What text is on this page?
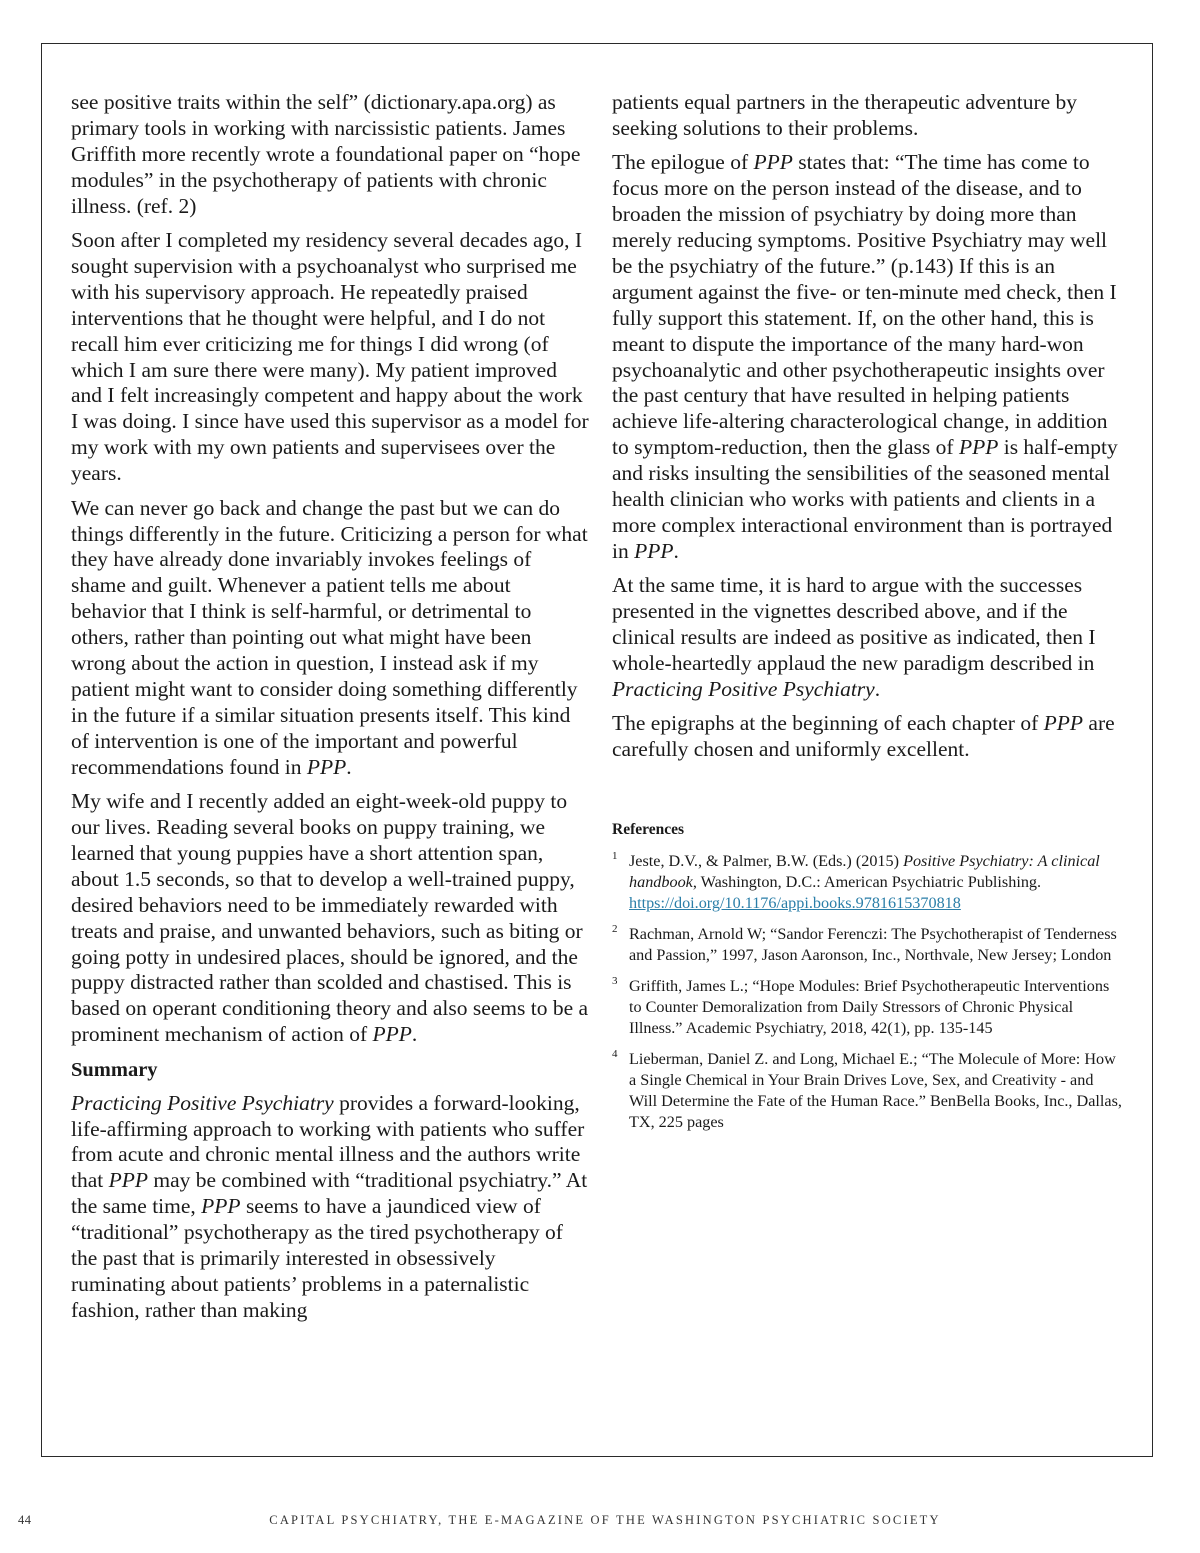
see positive traits within the self” (dictionary.apa.org) as primary tools in working with narcissistic patients. James Griffith more recently wrote a foundational paper on “hope modules” in the psychotherapy of patients with chronic illness. (ref. 2)

Soon after I completed my residency several decades ago, I sought supervision with a psychoanalyst who surprised me with his supervisory approach. He repeatedly praised interventions that he thought were helpful, and I do not recall him ever criticizing me for things I did wrong (of which I am sure there were many). My patient improved and I felt increasingly competent and happy about the work I was doing. I since have used this supervisor as a model for my work with my own patients and supervisees over the years.

We can never go back and change the past but we can do things differently in the future. Criticizing a person for what they have already done invariably invokes feelings of shame and guilt. Whenever a patient tells me about behavior that I think is self-harmful, or detrimental to others, rather than pointing out what might have been wrong about the action in question, I instead ask if my patient might want to consider doing something differently in the future if a similar situation presents itself. This kind of intervention is one of the important and powerful recommendations found in PPP.

My wife and I recently added an eight-week-old puppy to our lives. Reading several books on puppy training, we learned that young puppies have a short attention span, about 1.5 seconds, so that to develop a well-trained puppy, desired behaviors need to be immediately rewarded with treats and praise, and unwanted behaviors, such as biting or going potty in undesired places, should be ignored, and the puppy distracted rather than scolded and chastised. This is based on operant conditioning theory and also seems to be a prominent mechanism of action of PPP.

Summary

Practicing Positive Psychiatry provides a forward-looking, life-affirming approach to working with patients who suffer from acute and chronic mental illness and the authors write that PPP may be combined with “traditional psychiatry.” At the same time, PPP seems to have a jaundiced view of “traditional” psychotherapy as the tired psychotherapy of the past that is primarily interested in obsessively ruminating about patients’ problems in a paternalistic fashion, rather than making

patients equal partners in the therapeutic adventure by seeking solutions to their problems.

The epilogue of PPP states that: “The time has come to focus more on the person instead of the disease, and to broaden the mission of psychiatry by doing more than merely reducing symptoms. Positive Psychiatry may well be the psychiatry of the future.” (p.143) If this is an argument against the five- or ten-minute med check, then I fully support this statement. If, on the other hand, this is meant to dispute the importance of the many hard-won psychoanalytic and other psychotherapeutic insights over the past century that have resulted in helping patients achieve life-altering characterological change, in addition to symptom-reduction, then the glass of PPP is half-empty and risks insulting the sensibilities of the seasoned mental health clinician who works with patients and clients in a more complex interactional environment than is portrayed in PPP.

At the same time, it is hard to argue with the successes presented in the vignettes described above, and if the clinical results are indeed as positive as indicated, then I whole-heartedly applaud the new paradigm described in Practicing Positive Psychiatry.

The epigraphs at the beginning of each chapter of PPP are carefully chosen and uniformly excellent.

References
1 Jeste, D.V., & Palmer, B.W. (Eds.) (2015) Positive Psychiatry: A clinical handbook, Washington, D.C.: American Psychiatric Publishing. https://doi.org/10.1176/appi.books.9781615370818
2 Rachman, Arnold W; “Sandor Ferenczi: The Psychotherapist of Tenderness and Passion,” 1997, Jason Aaronson, Inc., Northvale, New Jersey; London
3 Griffith, James L.; “Hope Modules: Brief Psychotherapeutic Interventions to Counter Demoralization from Daily Stressors of Chronic Physical Illness.” Academic Psychiatry, 2018, 42(1), pp. 135-145
4 Lieberman, Daniel Z. and Long, Michael E.; “The Molecule of More: How a Single Chemical in Your Brain Drives Love, Sex, and Creativity - and Will Determine the Fate of the Human Race.” BenBella Books, Inc., Dallas, TX, 225 pages
44	CAPITAL PSYCHIATRY, THE E-MAGAZINE OF THE WASHINGTON PSYCHIATRIC SOCIETY
